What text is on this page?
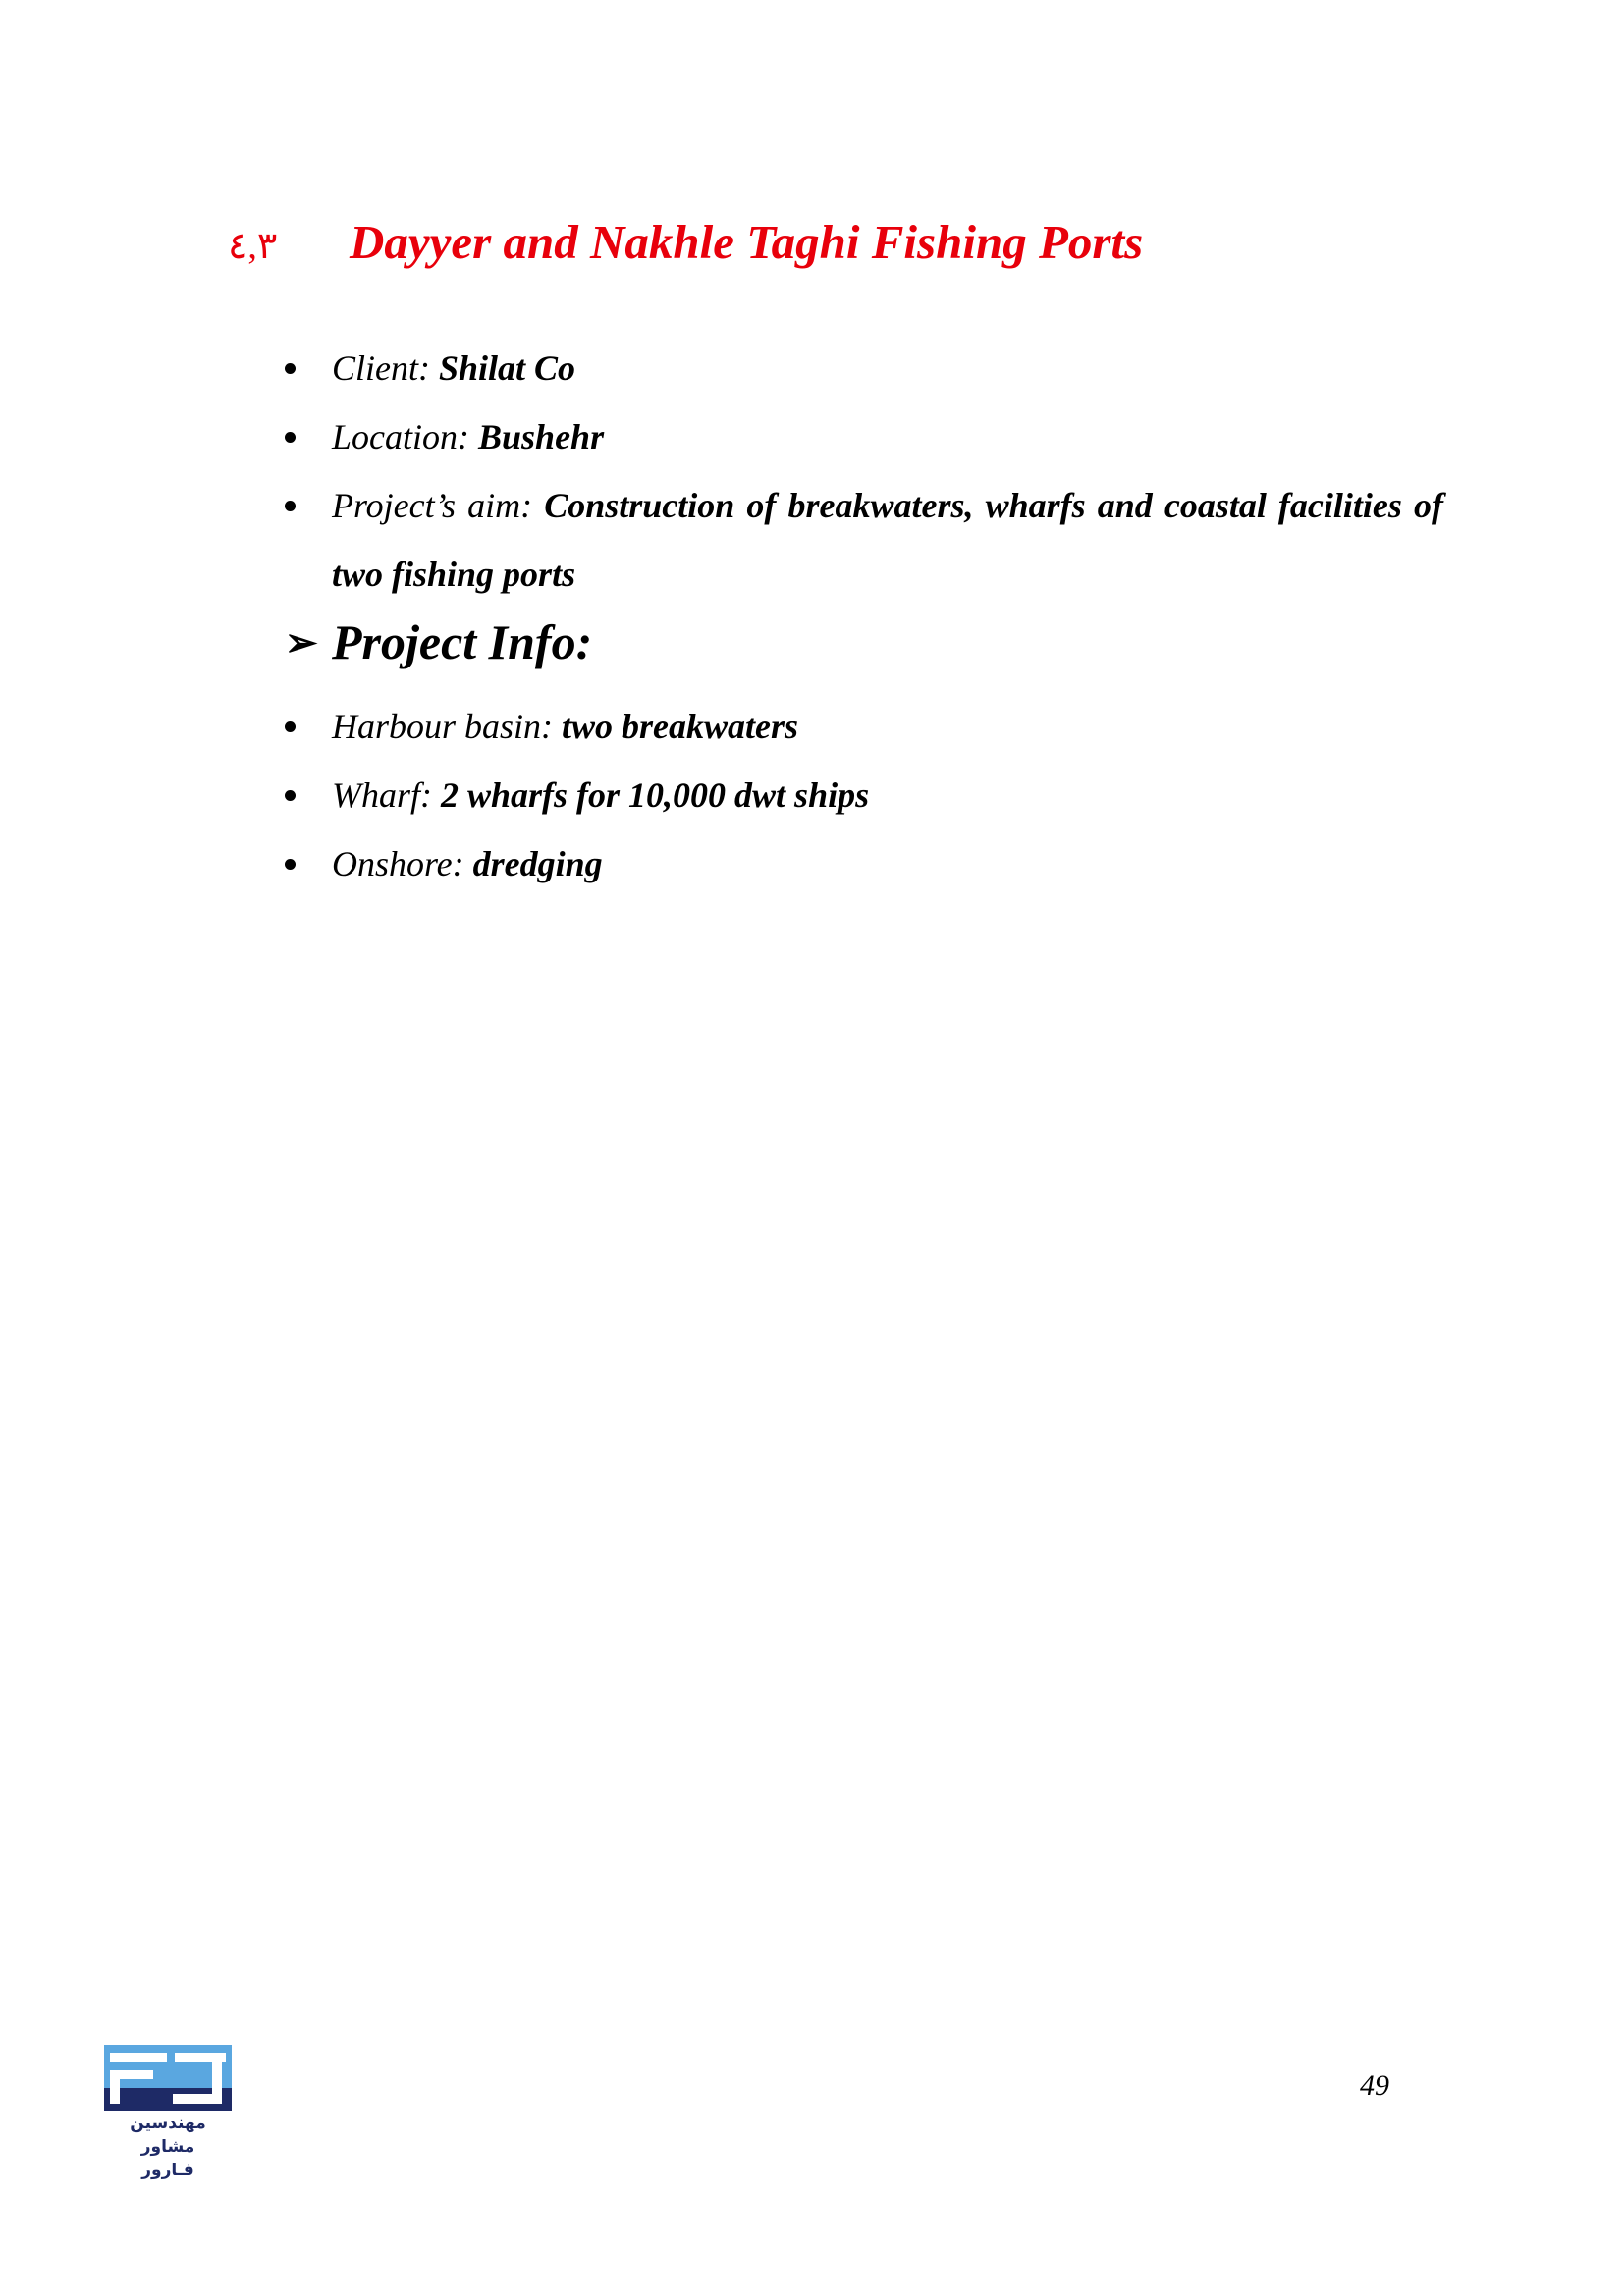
٤,٣	Dayyer and Nakhle Taghi Fishing Ports
Client: Shilat Co
Location: Bushehr
Project’s aim: Construction of breakwaters, wharfs and coastal facilities of two fishing ports
➢ Project Info:
Harbour basin: two breakwaters
Wharf: 2 wharfs for 10,000 dwt ships
Onshore: dredging
مهندسین مشاور
فـارور
49
